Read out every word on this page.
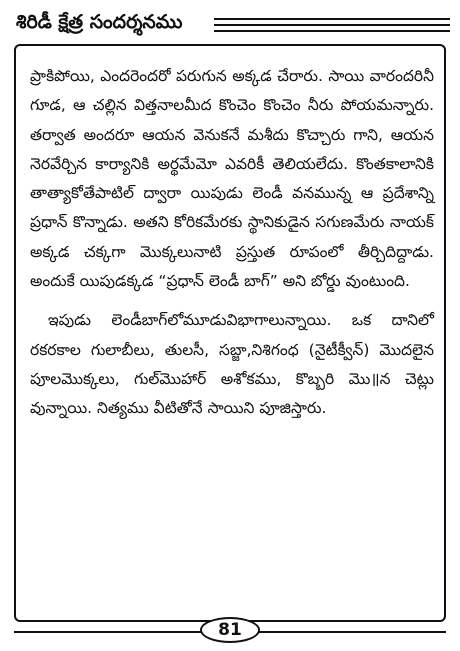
శిరిడీ క్షేత్ర సందర్శనము

ప్రాకిపోయి, ఎందరెందరో పరుగున అక్కడ చేరారు. సాయి వారందరినీ గూడ, ఆ చల్లిన విత్తనాలమీద కొంచెం కొంచెం నీరు పోయమన్నారు. తర్వాత అందరూ ఆయన వెనుకనే మశీదు కొచ్చారు గాని, ఆయన నెరవేర్చిన కార్యానికి అర్థమేమో ఎవరికీ తెలియలేదు. కొంతకాలానికి తాత్యాకోతేపాటిల్ ద్వారా యిపుడు లెండీ వనమున్న ఆ ప్రదేశాన్ని ప్రధాన్ కొన్నాడు. అతని కోరికమేరకు స్థానికుడైన సగుణమేరు నాయక్ అక్కడ చక్కగా మొక్కలునాటి ప్రస్తుత రూపంలో తీర్చిదిద్దాడు. అందుకే యిపుడక్కడ “ప్రధాన్ లెండీ బాగ్” అని బోర్డు వుంటుంది.

ఇపుడు లెండీబాగ్‌లోమూడువిభాగాలున్నాయి. ఒక దానిలో రకరకాల గులాబీలు, తులసీ, సబ్జా,నిశిగంధ (నైటీక్వీన్) మొదలైన పూలమొక్కలు, గుల్‌మొహార్ అశోకము, కొబ్బరి మొ॥న చెట్లు వున్నాయి. నిత్యము వీటితోనే సాయిని పూజిస్తారు.

81
